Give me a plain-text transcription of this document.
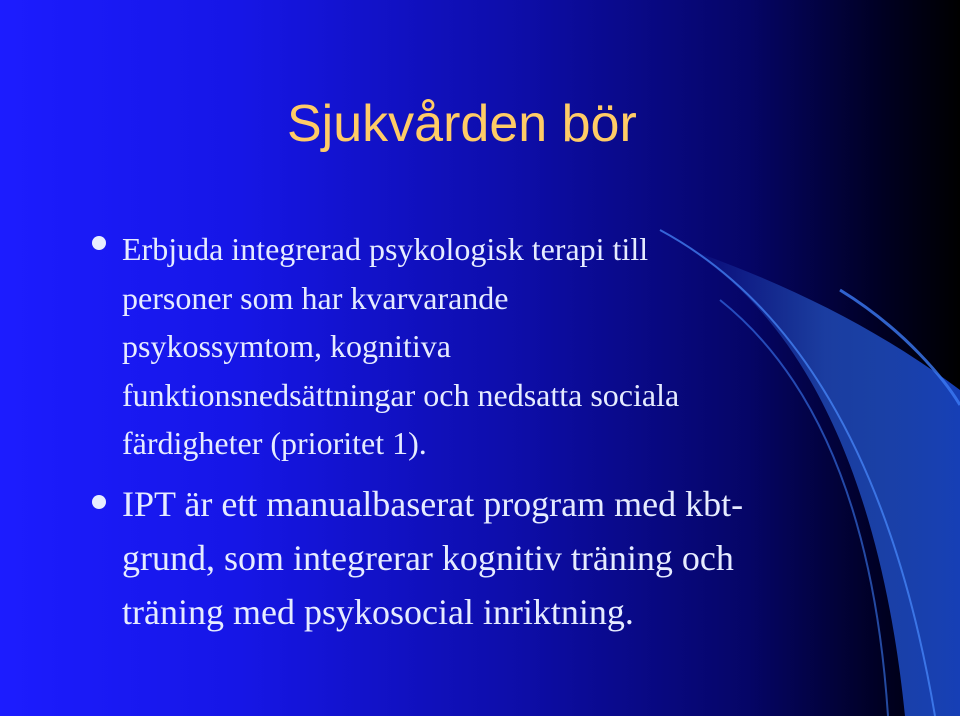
Sjukvården bör
Erbjuda integrerad psykologisk terapi till
personer som har kvarvarande
psykossymtom, kognitiva
funktionsnedsättningar och nedsatta sociala
färdigheter (prioritet 1).
IPT är ett manualbaserat program med kbt-
grund, som integrerar kognitiv träning och
träning med psykosocial inriktning.
